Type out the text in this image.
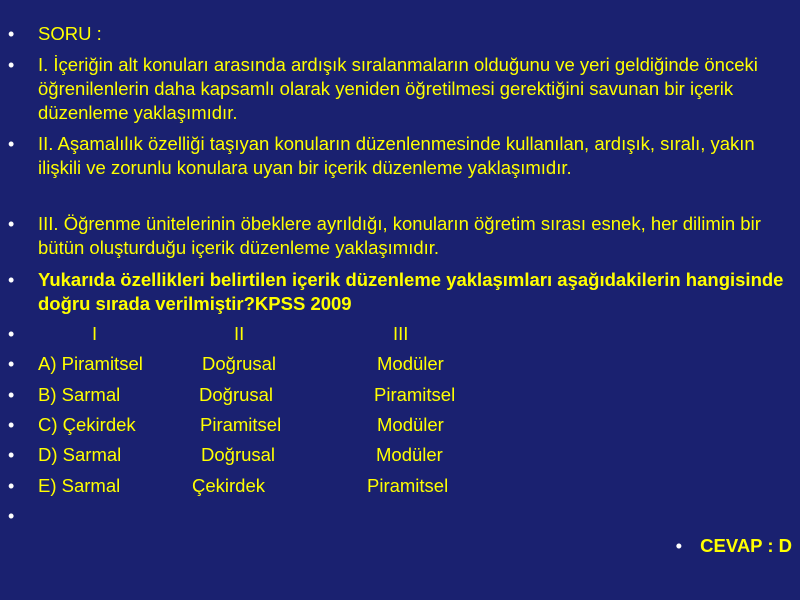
• SORU :
• I. İçeriğin alt konuları arasında ardışık sıralanmaların olduğunu ve yeri geldiğinde önceki öğrenilenlerin daha kapsamlı olarak yeniden öğretilmesi gerektiğini savunan bir içerik düzenleme yaklaşımıdır.
• II. Aşamalılık özelliği taşıyan konuların düzenlenmesinde kullanılan, ardışık, sıralı, yakın ilişkili ve zorunlu konulara uyan bir içerik düzenleme yaklaşımıdır.
• III. Öğrenme ünitelerinin öbeklere ayrıldığı, konuların öğretim sırası esnek, her dilimin bir bütün oluşturduğu içerik düzenleme yaklaşımıdır.
• Yukarıda özellikleri belirtilen içerik düzenleme yaklaşımları aşağıdakilerin hangisinde doğru sırada verilmiştir?KPSS 2009
•	I	II	III
• A) Piramitsel	Doğrusal	Modüler
• B) Sarmal	Doğrusal	Piramitsel
• C) Çekirdek	Piramitsel	Modüler
• D) Sarmal	Doğrusal	Modüler
• E) Sarmal	Çekirdek	Piramitsel
•
• CEVAP : D
